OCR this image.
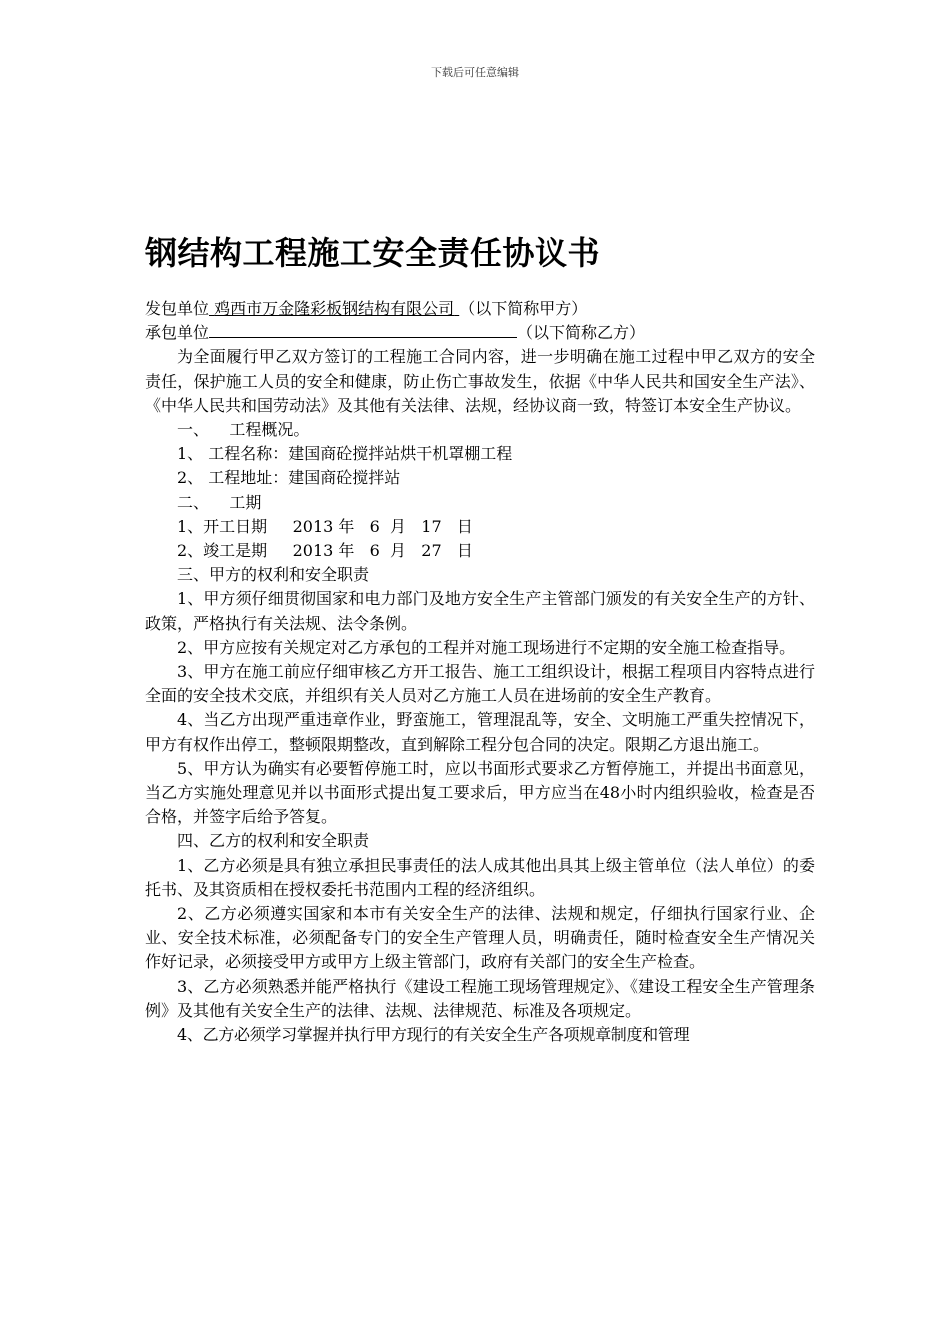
下载后可任意编辑
钢结构工程施工安全责任协议书
发包单位 鸡西市万金隆彩板钢结构有限公司 （以下简称甲方）
承包单位	（以下简称乙方）

为全面履行甲乙双方签订的工程施工合同内容，进一步明确在施工过程中甲乙双方的安全责任，保护施工人员的安全和健康，防止伤亡事故发生，依据《中华人民共和国安全生产法》、《中华人民共和国劳动法》及其他有关法律、法规，经协议商一致，特签订本安全生产协议。

一、    工程概况。
1、 工程名称：建国商砼搅拌站烘干机罩棚工程
2、 工程地址：建国商砼搅拌站
二、    工期
1、开工日期     2013 年   6  月   17   日
2、竣工是期     2013 年   6  月   27   日
三、甲方的权利和安全职责

1、甲方须仔细贯彻国家和电力部门及地方安全生产主管部门颁发的有关安全生产的方针、政策，严格执行有关法规、法令条例。

2、甲方应按有关规定对乙方承包的工程并对施工现场进行不定期的安全施工检查指导。

3、甲方在施工前应仔细审核乙方开工报告、施工工组织设计，根据工程项目内容特点进行全面的安全技术交底，并组织有关人员对乙方施工人员在进场前的安全生产教育。

4、当乙方出现严重违章作业，野蛮施工，管理混乱等，安全、文明施工严重失控情况下，甲方有权作出停工，整顿限期整改，直到解除工程分包合同的决定。限期乙方退出施工。

5、甲方认为确实有必要暂停施工时，应以书面形式要求乙方暂停施工，并提出书面意见，当乙方实施处理意见并以书面形式提出复工要求后，甲方应当在48小时内组织验收，检查是否合格，并签字后给予答复。

四、乙方的权利和安全职责

1、乙方必须是具有独立承担民事责任的法人成其他出具其上级主管单位（法人单位）的委托书、及其资质相在授权委托书范围内工程的经济组织。

2、乙方必须遵实国家和本市有关安全生产的法律、法规和规定，仔细执行国家行业、企业、安全技术标准，必须配备专门的安全生产管理人员，明确责任，随时检查安全生产情况关作好记录，必须接受甲方或甲方上级主管部门，政府有关部门的安全生产检查。

3、乙方必须熟悉并能严格执行《建设工程施工现场管理规定》、《建设工程安全生产管理条例》及其他有关安全生产的法律、法规、法律规范、标准及各项规定。

4、乙方必须学习掌握并执行甲方现行的有关安全生产各项规章制度和管理
